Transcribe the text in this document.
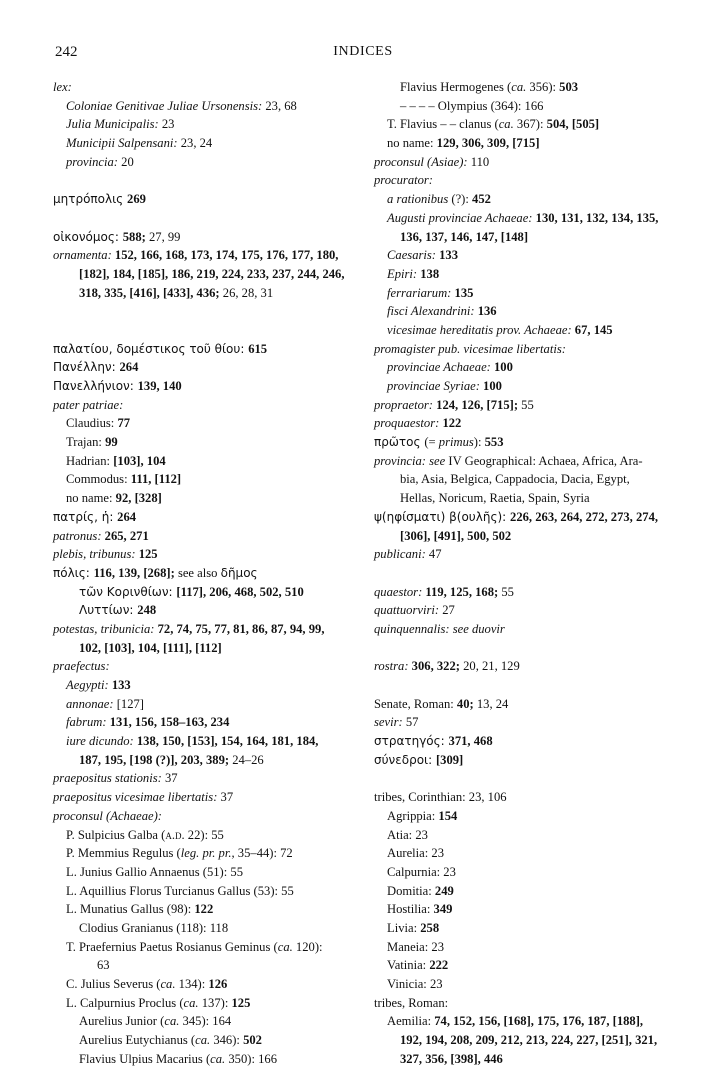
242	INDICES
lex:
Coloniae Genitivae Juliae Ursonensis: 23, 68
Julia Municipalis: 23
Municipii Salpensani: 23, 24
provincia: 20
μητρόπολις 269
οἰκονόμος: 588; 27, 99
ornamenta: 152, 166, 168, 173, 174, 175, 176, 177, 180,
[182], 184, [185], 186, 219, 224, 233, 237, 244, 246,
318, 335, [416], [433], 436; 26, 28, 31
παλατίου, δομέστικος τοῦ θίου: 615
Πανέλλην: 264
Πανελλήνιον: 139, 140
pater patriae:
Claudius: 77
Trajan: 99
Hadrian: [103], 104
Commodus: 111, [112]
no name: 92, [328]
πατρίς, ἡ: 264
patronus: 265, 271
plebis, tribunus: 125
πόλις: 116, 139, [268]; see also δῆμος
τῶν Κορινθίων: [117], 206, 468, 502, 510
Λυττίων: 248
potestas, tribunicia: 72, 74, 75, 77, 81, 86, 87, 94, 99,
102, [103], 104, [111], [112]
praefectus:
Aegypti: 133
annonae: [127]
fabrum: 131, 156, 158–163, 234
iure dicundo: 138, 150, [153], 154, 164, 181, 184,
187, 195, [198 (?)], 203, 389; 24–26
praepositus stationis: 37
praepositus vicesimae libertatis: 37
proconsul (Achaeae):
P. Sulpicius Galba (a.d. 22): 55
P. Memmius Regulus (leg. pr. pr., 35–44): 72
L. Junius Gallio Annaenus (51): 55
L. Aquillius Florus Turcianus Gallus (53): 55
L. Munatius Gallus (98): 122
Clodius Granianus (118): 118
T. Praefernius Paetus Rosianus Geminus (ca. 120):
63
C. Julius Severus (ca. 134): 126
L. Calpurnius Proclus (ca. 137): 125
Aurelius Junior (ca. 345): 164
Aurelius Eutychianus (ca. 346): 502
Flavius Ulpius Macarius (ca. 350): 166
Flavius Hermogenes (ca. 356): 503
– – – – Olympius (364): 166
T. Flavius – – clanus (ca. 367): 504, [505]
no name: 129, 306, 309, [715]
proconsul (Asiae): 110
procurator:
a rationibus (?): 452
Augusti provinciae Achaeae: 130, 131, 132, 134, 135,
136, 137, 146, 147, [148]
Caesaris: 133
Epiri: 138
ferrariarum: 135
fisci Alexandrini: 136
vicesimae hereditatis prov. Achaeae: 67, 145
promagister pub. vicesimae libertatis:
provinciae Achaeae: 100
provinciae Syriae: 100
propraetor: 124, 126, [715]; 55
proquaestor: 122
πρῶτος (= primus): 553
provincia: see IV Geographical: Achaea, Africa, Ara-
bia, Asia, Belgica, Cappadocia, Dacia, Egypt,
Hellas, Noricum, Raetia, Spain, Syria
ψ(ηφίσματι) β(ουλῆς): 226, 263, 264, 272, 273, 274,
[306], [491], 500, 502
publicani: 47
quaestor: 119, 125, 168; 55
quattuorviri: 27
quinquennalis: see duovir
rostra: 306, 322; 20, 21, 129
Senate, Roman: 40; 13, 24
sevir: 57
στρατηγός: 371, 468
σύνεδροι: [309]
tribes, Corinthian: 23, 106
Agrippia: 154
Atia: 23
Aurelia: 23
Calpurnia: 23
Domitia: 249
Hostilia: 349
Livia: 258
Maneia: 23
Vatinia: 222
Vinicia: 23
tribes, Roman:
Aemilia: 74, 152, 156, [168], 175, 176, 187, [188],
192, 194, 208, 209, 212, 213, 224, 227, [251], 321,
327, 356, [398], 446
